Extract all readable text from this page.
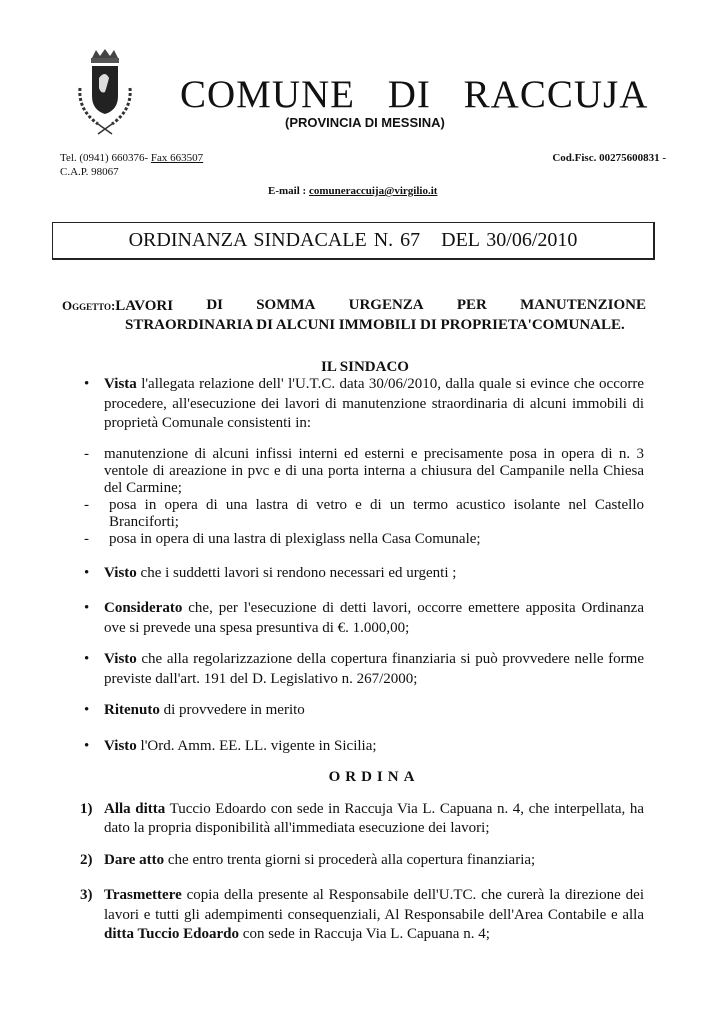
COMUNE DI RACCUJA
(PROVINCIA DI MESSINA)
Tel. (0941) 660376- Fax 663507
C.A.P. 98067
Cod.Fisc. 00275600831 -
E-mail : comuneraccuija@virgilio.it
ORDINANZA SINDACALE N. 67   DEL 30/06/2010
Oggetto:LAVORI DI SOMMA URGENZA PER MANUTENZIONE
STRAORDINARIA DI ALCUNI IMMOBILI DI PROPRIETA'COMUNALE.
IL SINDACO
• Vista l'allegata relazione dell' l'U.T.C. data 30/06/2010, dalla quale si evince che occorre procedere, all'esecuzione dei lavori di manutenzione straordinaria di alcuni immobili di proprietà Comunale consistenti in:
-	manutenzione di alcuni infissi interni ed esterni e precisamente posa in opera di n. 3 ventole di areazione in pvc e di una porta interna a chiusura del Campanile nella Chiesa del Carmine;
-	posa in opera di una lastra di vetro e di un termo acustico isolante nel Castello Branciforti;
-	posa in opera di una lastra di plexiglass nella Casa Comunale;
• Visto che i suddetti lavori si rendono necessari ed urgenti ;
• Considerato che, per l'esecuzione di detti lavori, occorre emettere apposita Ordinanza ove si prevede una spesa presuntiva di €. 1.000,00;
• Visto che alla regolarizzazione della copertura finanziaria si può provvedere nelle forme previste dall'art. 191 del D. Legislativo n. 267/2000;
• Ritenuto di provvedere in merito
• Visto l'Ord. Amm. EE. LL. vigente in Sicilia;
ORDINA
1) Alla ditta Tuccio Edoardo con sede in Raccuja Via L. Capuana n. 4, che interpellata, ha dato la propria disponibilità all'immediata esecuzione dei lavori;
2) Dare atto che entro trenta giorni si procederà alla copertura finanziaria;
3) Trasmettere copia della presente al Responsabile dell'U.TC. che curerà la direzione dei lavori e tutti gli adempimenti consequenziali, Al Responsabile dell'Area Contabile e alla ditta Tuccio Edoardo con sede in Raccuja Via L. Capuana n. 4;
